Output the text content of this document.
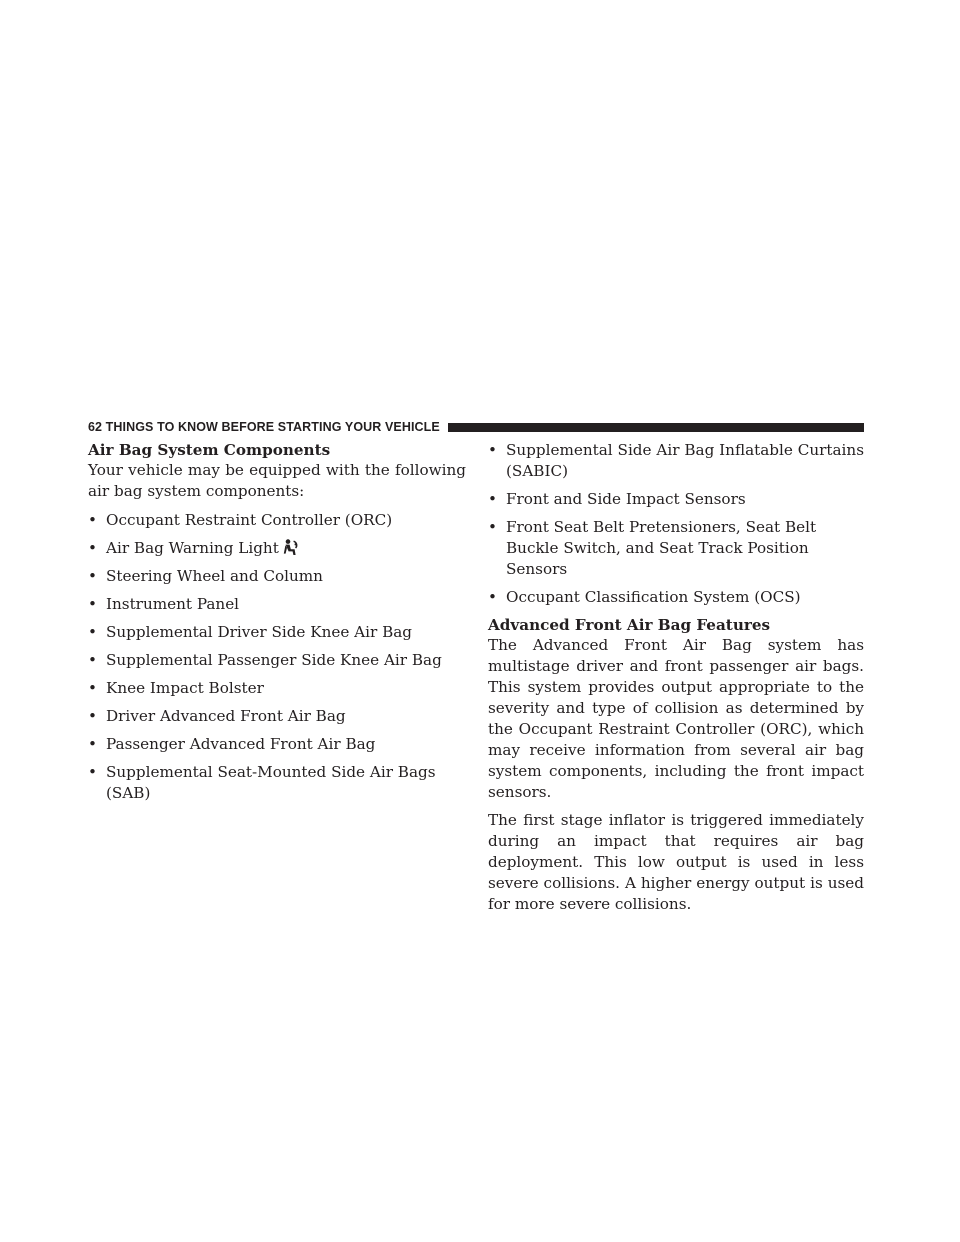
62 THINGS TO KNOW BEFORE STARTING YOUR VEHICLE

Air Bag System Components

Your vehicle may be equipped with the following air bag system components:

• Occupant Restraint Controller (ORC)
• Air Bag Warning Light
• Steering Wheel and Column
• Instrument Panel
• Supplemental Driver Side Knee Air Bag
• Supplemental Passenger Side Knee Air Bag
• Knee Impact Bolster
• Driver Advanced Front Air Bag
• Passenger Advanced Front Air Bag
• Supplemental Seat-Mounted Side Air Bags (SAB)
• Supplemental Side Air Bag Inflatable Curtains (SABIC)
• Front and Side Impact Sensors
• Front Seat Belt Pretensioners, Seat Belt Buckle Switch, and Seat Track Position Sensors
• Occupant Classification System (OCS)

Advanced Front Air Bag Features

The Advanced Front Air Bag system has multistage driver and front passenger air bags. This system provides output appropriate to the severity and type of collision as determined by the Occupant Restraint Controller (ORC), which may receive information from several air bag system components, including the front impact sensors.

The first stage inflator is triggered immediately during an impact that requires air bag deployment. This low output is used in less severe collisions. A higher energy output is used for more severe collisions.
